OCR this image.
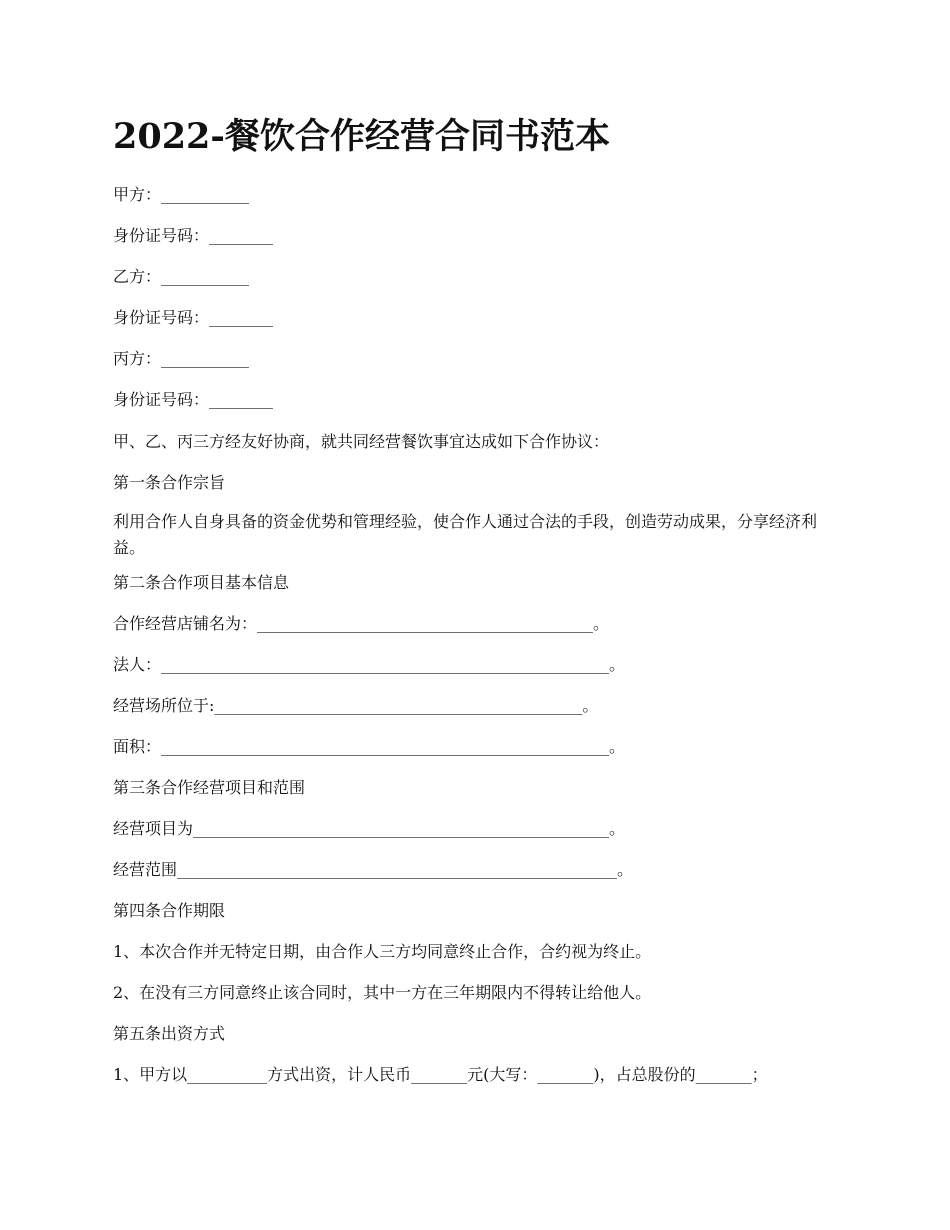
2022-餐饮合作经营合同书范本

甲方：___________

身份证号码：________

乙方：___________

身份证号码：________

丙方：___________

身份证号码：________

甲、乙、丙三方经友好协商，就共同经营餐饮事宜达成如下合作协议：

第一条合作宗旨

利用合作人自身具备的资金优势和管理经验，使合作人通过合法的手段，创造劳动成果，分享经济利益。

第二条合作项目基本信息

合作经营店铺名为：__________________________________________。

法人：________________________________________________________。

经营场所位于:______________________________________________。

面积：________________________________________________________。

第三条合作经营项目和范围

经营项目为____________________________________________________。

经营范围_______________________________________________________。

第四条合作期限

1、本次合作并无特定日期，由合作人三方均同意终止合作，合约视为终止。

2、在没有三方同意终止该合同时，其中一方在三年期限内不得转让给他人。

第五条出资方式

1、甲方以__________方式出资，计人民币_______元(大写：_______)，占总股份的_______；
